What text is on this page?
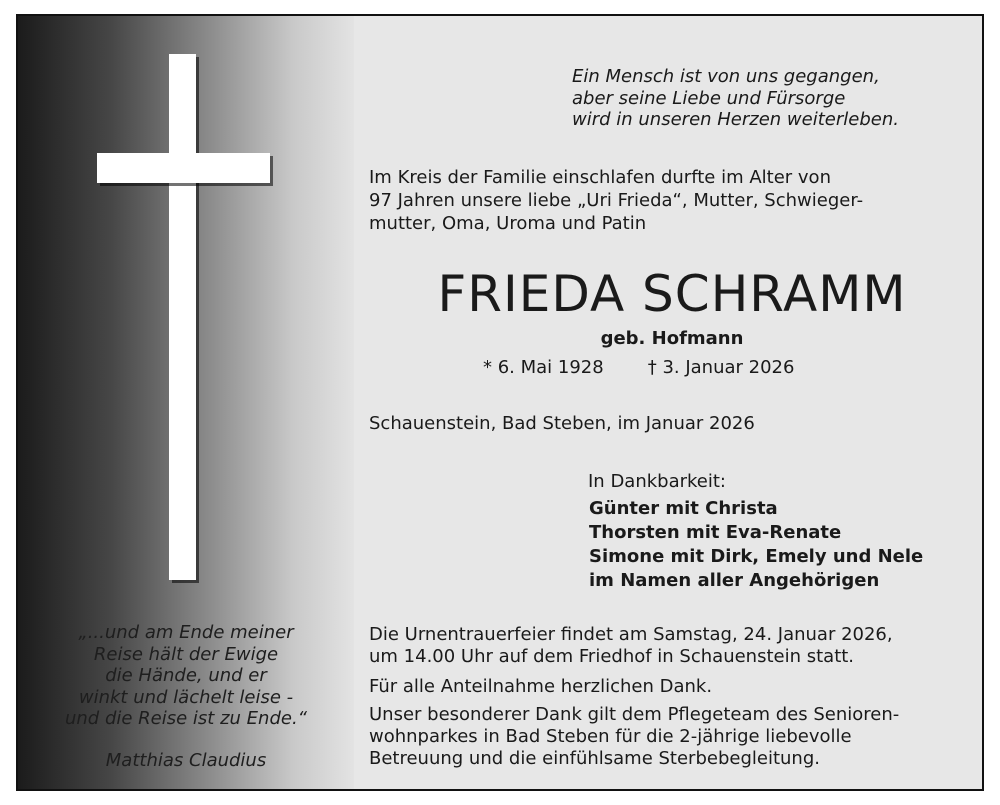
„...und am Ende meiner
Reise hält der Ewige
die Hände, und er
winkt und lächelt leise -
und die Reise ist zu Ende.“
Matthias Claudius
Ein Mensch ist von uns gegangen,
aber seine Liebe und Fürsorge
wird in unseren Herzen weiterleben.
Im Kreis der Familie einschlafen durfte im Alter von
97 Jahren unsere liebe „Uri Frieda“, Mutter, Schwieger-
mutter, Oma, Uroma und Patin
FRIEDA SCHRAMM
geb. Hofmann
* 6. Mai 1928 † 3. Januar 2026
Schauenstein, Bad Steben, im Januar 2026
In Dankbarkeit:
Günter mit Christa
Thorsten mit Eva-Renate
Simone mit Dirk, Emely und Nele
im Namen aller Angehörigen
Die Urnentrauerfeier findet am Samstag, 24. Januar 2026,
um 14.00 Uhr auf dem Friedhof in Schauenstein statt.
Für alle Anteilnahme herzlichen Dank.
Unser besonderer Dank gilt dem Pflegeteam des Senioren-
wohnparkes in Bad Steben für die 2-jährige liebevolle
Betreuung und die einfühlsame Sterbebegleitung.
